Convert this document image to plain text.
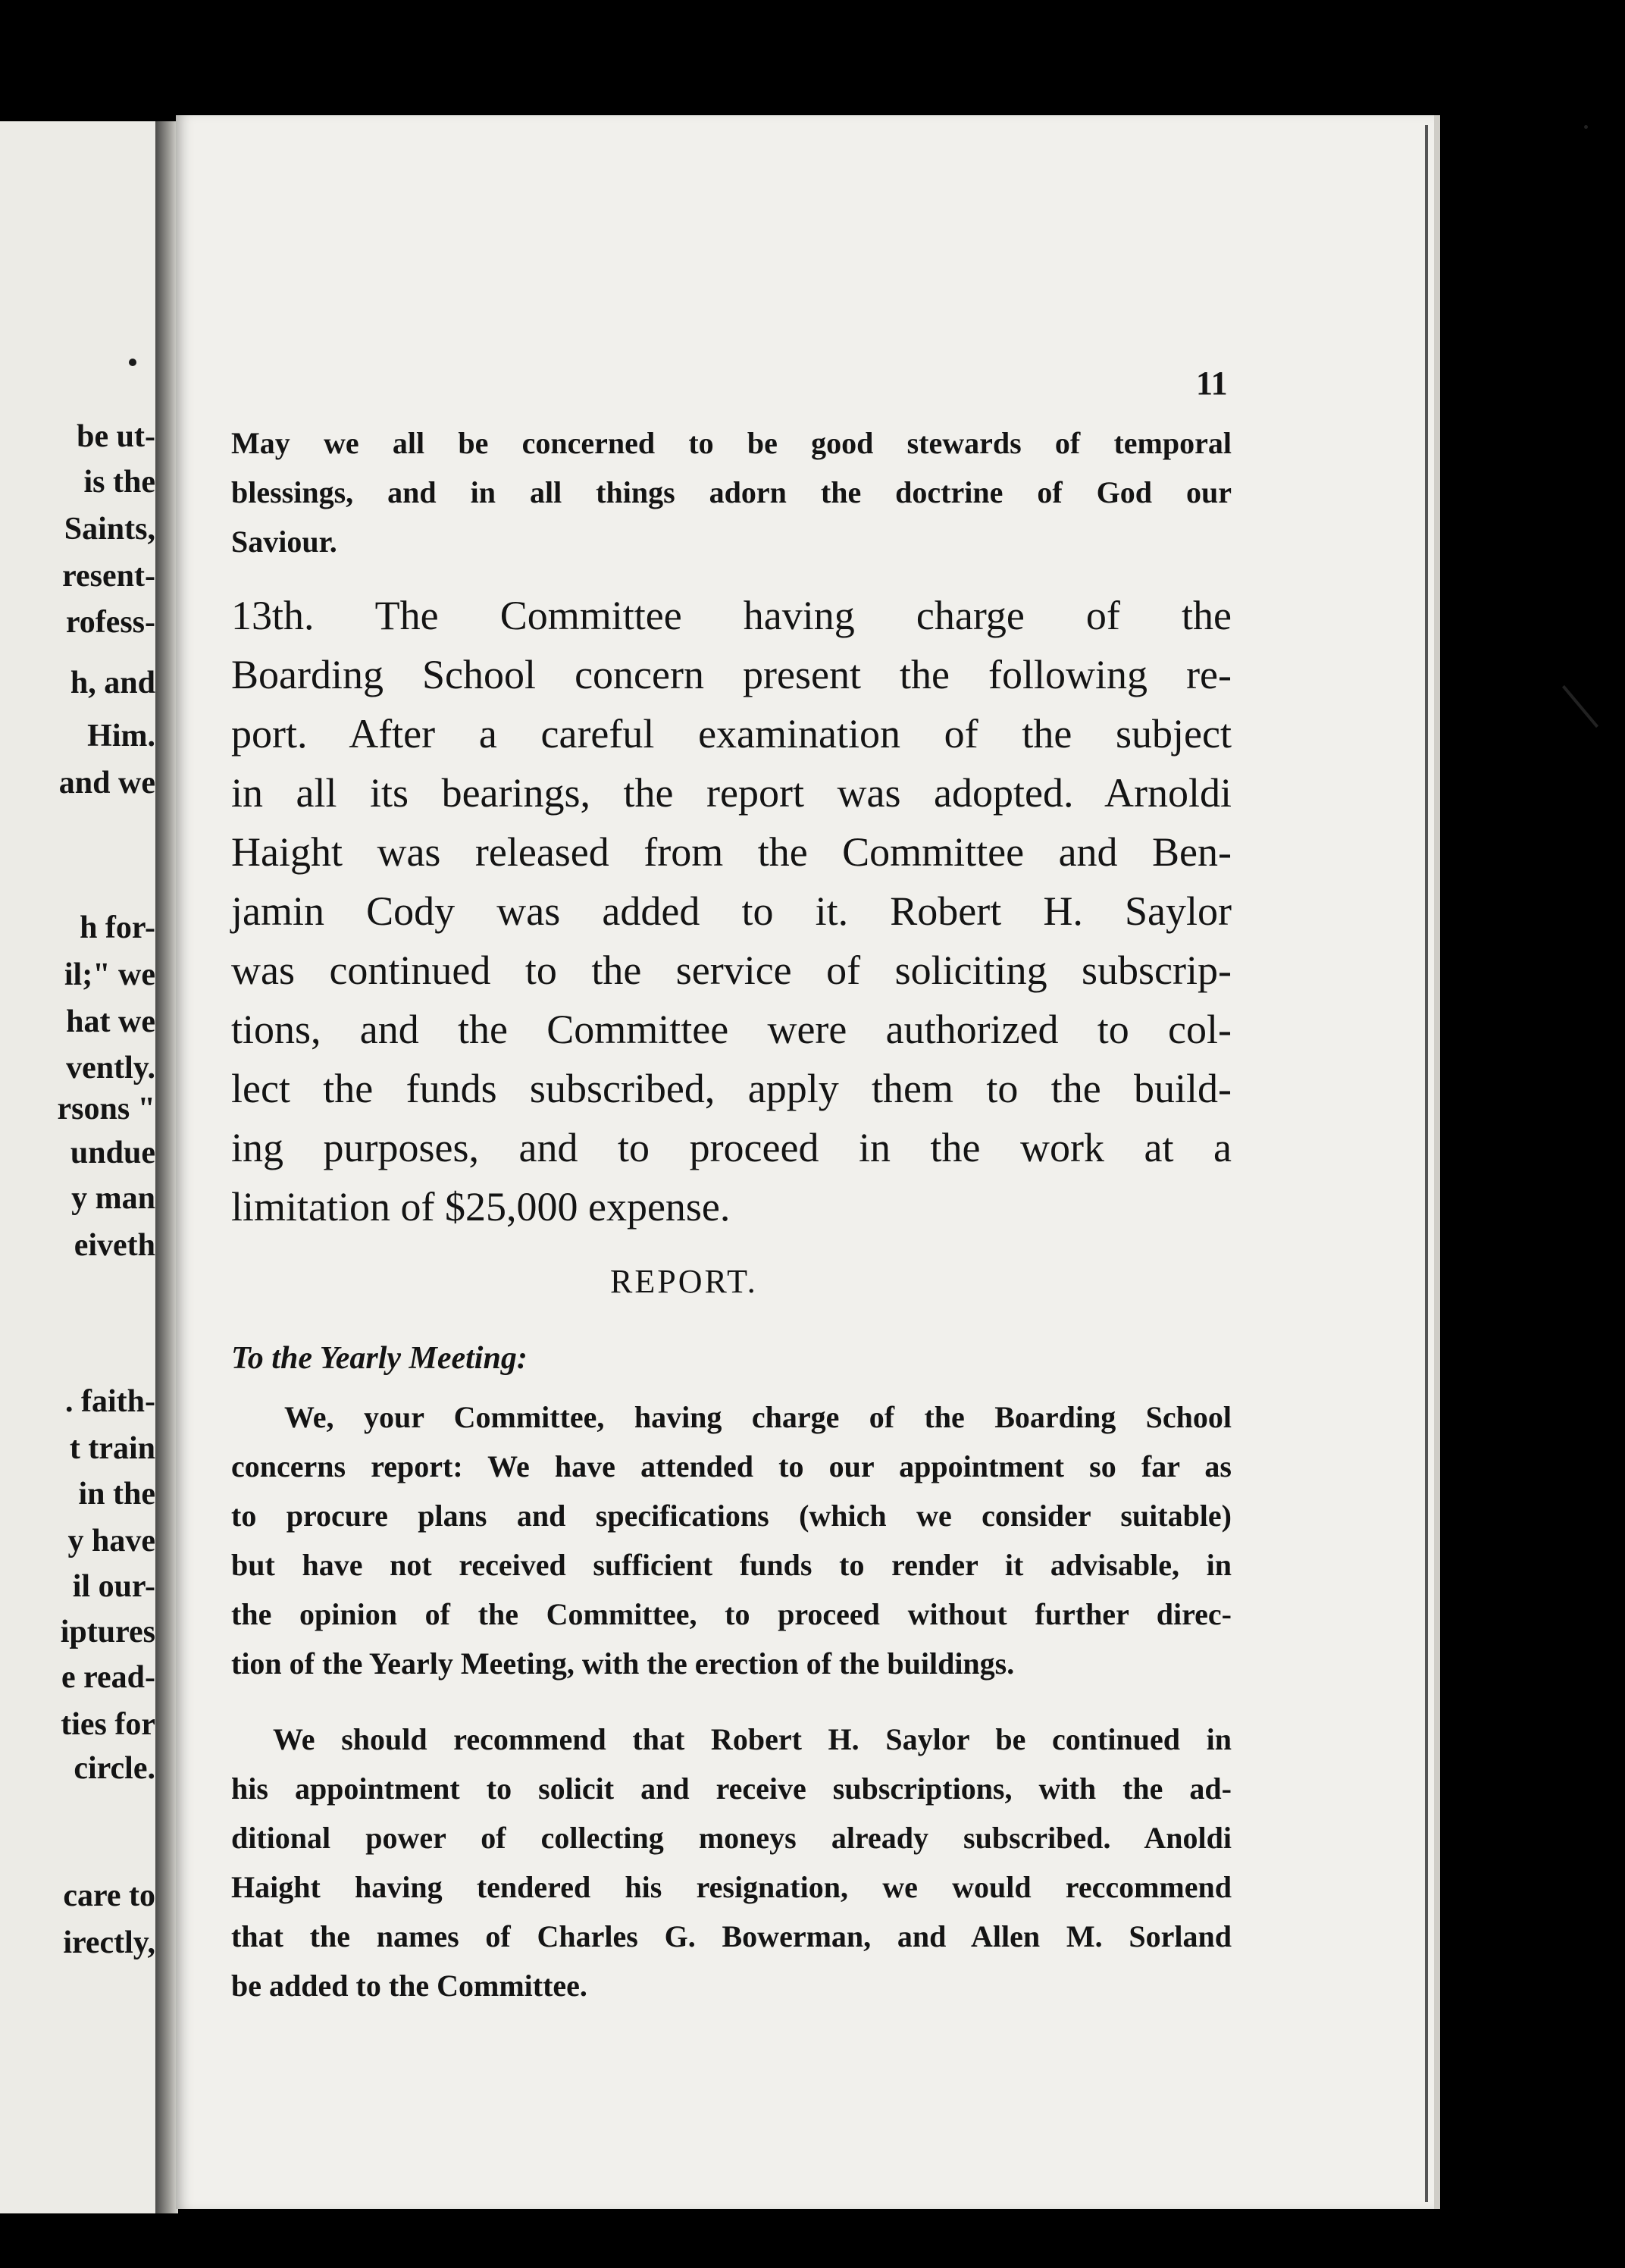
be ut-
is the
Saints,
resent-
rofess-
h, and
Him.
and we
h for-
il;" we
hat we
vently.
rsons "
undue
y man
eiveth
. faith-
t train
in the
y have
il our-
iptures
e read-
ties for
circle.
care to
irectly,
11
May we all be concerned to be good stewards of temporal
blessings, and in all things adorn the doctrine of God our
Saviour.
13th. The Committee having charge of the
Boarding School concern present the following re-
port. After a careful examination of the subject
in all its bearings, the report was adopted. Arnoldi
Haight was released from the Committee and Ben-
jamin Cody was added to it. Robert H. Saylor
was continued to the service of soliciting subscrip-
tions, and the Committee were authorized to col-
lect the funds subscribed, apply them to the build-
ing purposes, and to proceed in the work at a
limitation of $25,000 expense.
REPORT.
To the Yearly Meeting:
We, your Committee, having charge of the Boarding School
concerns report: We have attended to our appointment so far as
to procure plans and specifications (which we consider suitable)
but have not received sufficient funds to render it advisable, in
the opinion of the Committee, to proceed without further direc-
tion of the Yearly Meeting, with the erection of the buildings.
We should recommend that Robert H. Saylor be continued in
his appointment to solicit and receive subscriptions, with the ad-
ditional power of collecting moneys already subscribed. Anoldi
Haight having tendered his resignation, we would reccommend
that the names of Charles G. Bowerman, and Allen M. Sorland
be added to the Committee.
